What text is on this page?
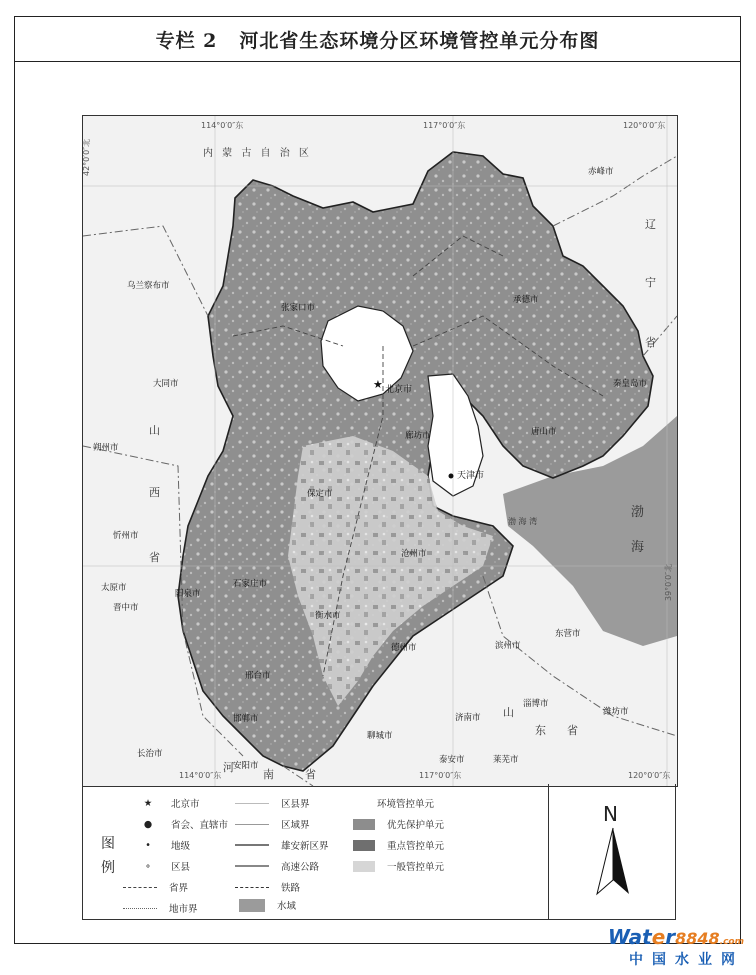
专栏 2 河北省生态环境分区环境管控单元分布图
114°0′0″东	117°0′0″东	120°0′0″东
114°0′0″东	117°0′0″东	120°0′0″东
42°0′0″北
39°0′0″北
内 蒙 古 自 治 区
辽
宁
省
山
西
省
河
南	省
山
东 省
渤
海
渤 海 湾
★ 北京市
天津市
张家口市
承德市
秦皇岛市
唐山市
廊坊市
保定市
沧州市
石家庄市
衡水市
邢台市
邯郸市
赤峰市
乌兰察布市
大同市
朔州市
忻州市
太原市
阳泉市
晋中市
长治市
安阳市
德州市	滨州市
东营市
济南市
淄博市
潍坊市
聊城市
泰安市	莱芜市
图
例
★	北京市
●	省会、直辖市
•	地级
∘	区县
省界
地市界
区县界
区域界
雄安新区界
高速公路
铁路
水域
环境管控单元
优先保护单元
重点管控单元
一般管控单元
N
Water8848.com
中国水业网
